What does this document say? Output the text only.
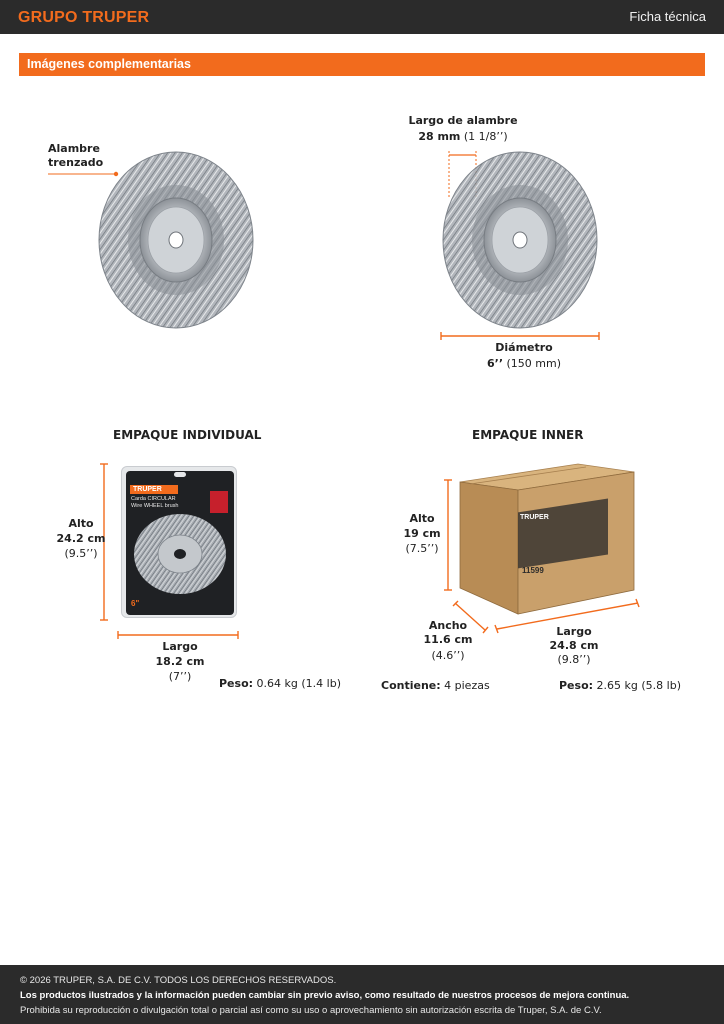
GRUPO TRUPER	Ficha técnica
Imágenes complementarias
Alambre
trenzado
Largo de alambre
28 mm (1 1/8’’)
Diámetro
6’’ (150 mm)
EMPAQUE INDIVIDUAL
Alto
24.2 cm
(9.5’’)
TRUPER
Carda CIRCULAR
Wire WHEEL brush
6"
Largo
18.2 cm
(7’’)
Peso: 0.64 kg (1.4 lb)
EMPAQUE INNER
Alto
19 cm
(7.5’’)
TRUPER
11599
Ancho
11.6 cm
(4.6’’)
Largo
24.8 cm
(9.8’’)
Contiene: 4 piezas	Peso: 2.65 kg (5.8 lb)
© 2026 TRUPER, S.A. DE C.V. TODOS LOS DERECHOS RESERVADOS.
Los productos ilustrados y la información pueden cambiar sin previo aviso, como resultado de nuestros procesos de mejora continua.
Prohibida su reproducción o divulgación total o parcial así como su uso o aprovechamiento sin autorización escrita de Truper, S.A. de C.V.
